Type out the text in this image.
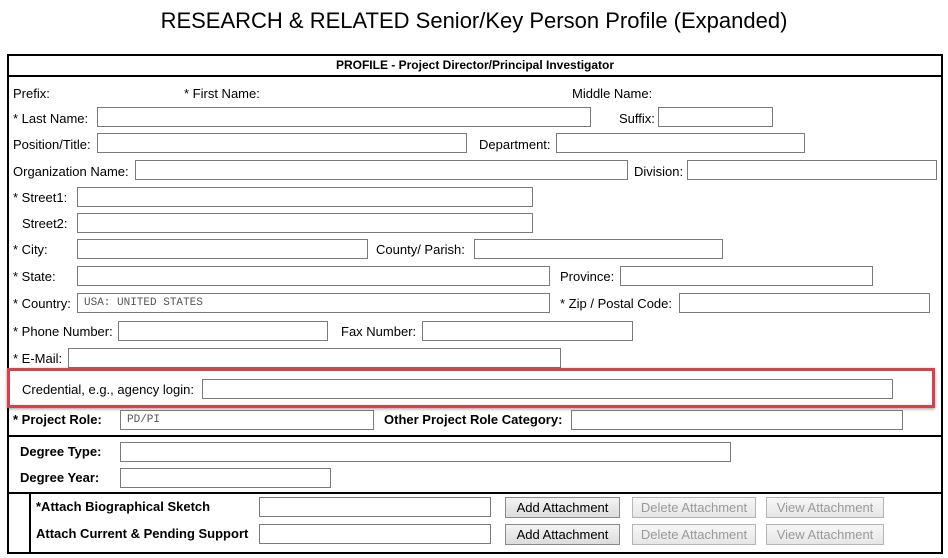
RESEARCH & RELATED Senior/Key Person Profile (Expanded)
PROFILE - Project Director/Principal Investigator
Prefix:	* First Name:	Middle Name:
* Last Name:	Suffix:
Position/Title:	Department:
Organization Name:	Division:
* Street1:
Street2:
* City:	County/ Parish:
* State:	Province:
* Country:	USA: UNITED STATES	* Zip / Postal Code:
* Phone Number:	Fax Number:
* E-Mail:
Credential, e.g., agency login:
* Project Role:	PD/PI	Other Project Role Category:
Degree Type:
Degree Year:
*Attach Biographical Sketch	Add Attachment	Delete Attachment	View Attachment
Attach Current & Pending Support	Add Attachment	Delete Attachment	View Attachment
